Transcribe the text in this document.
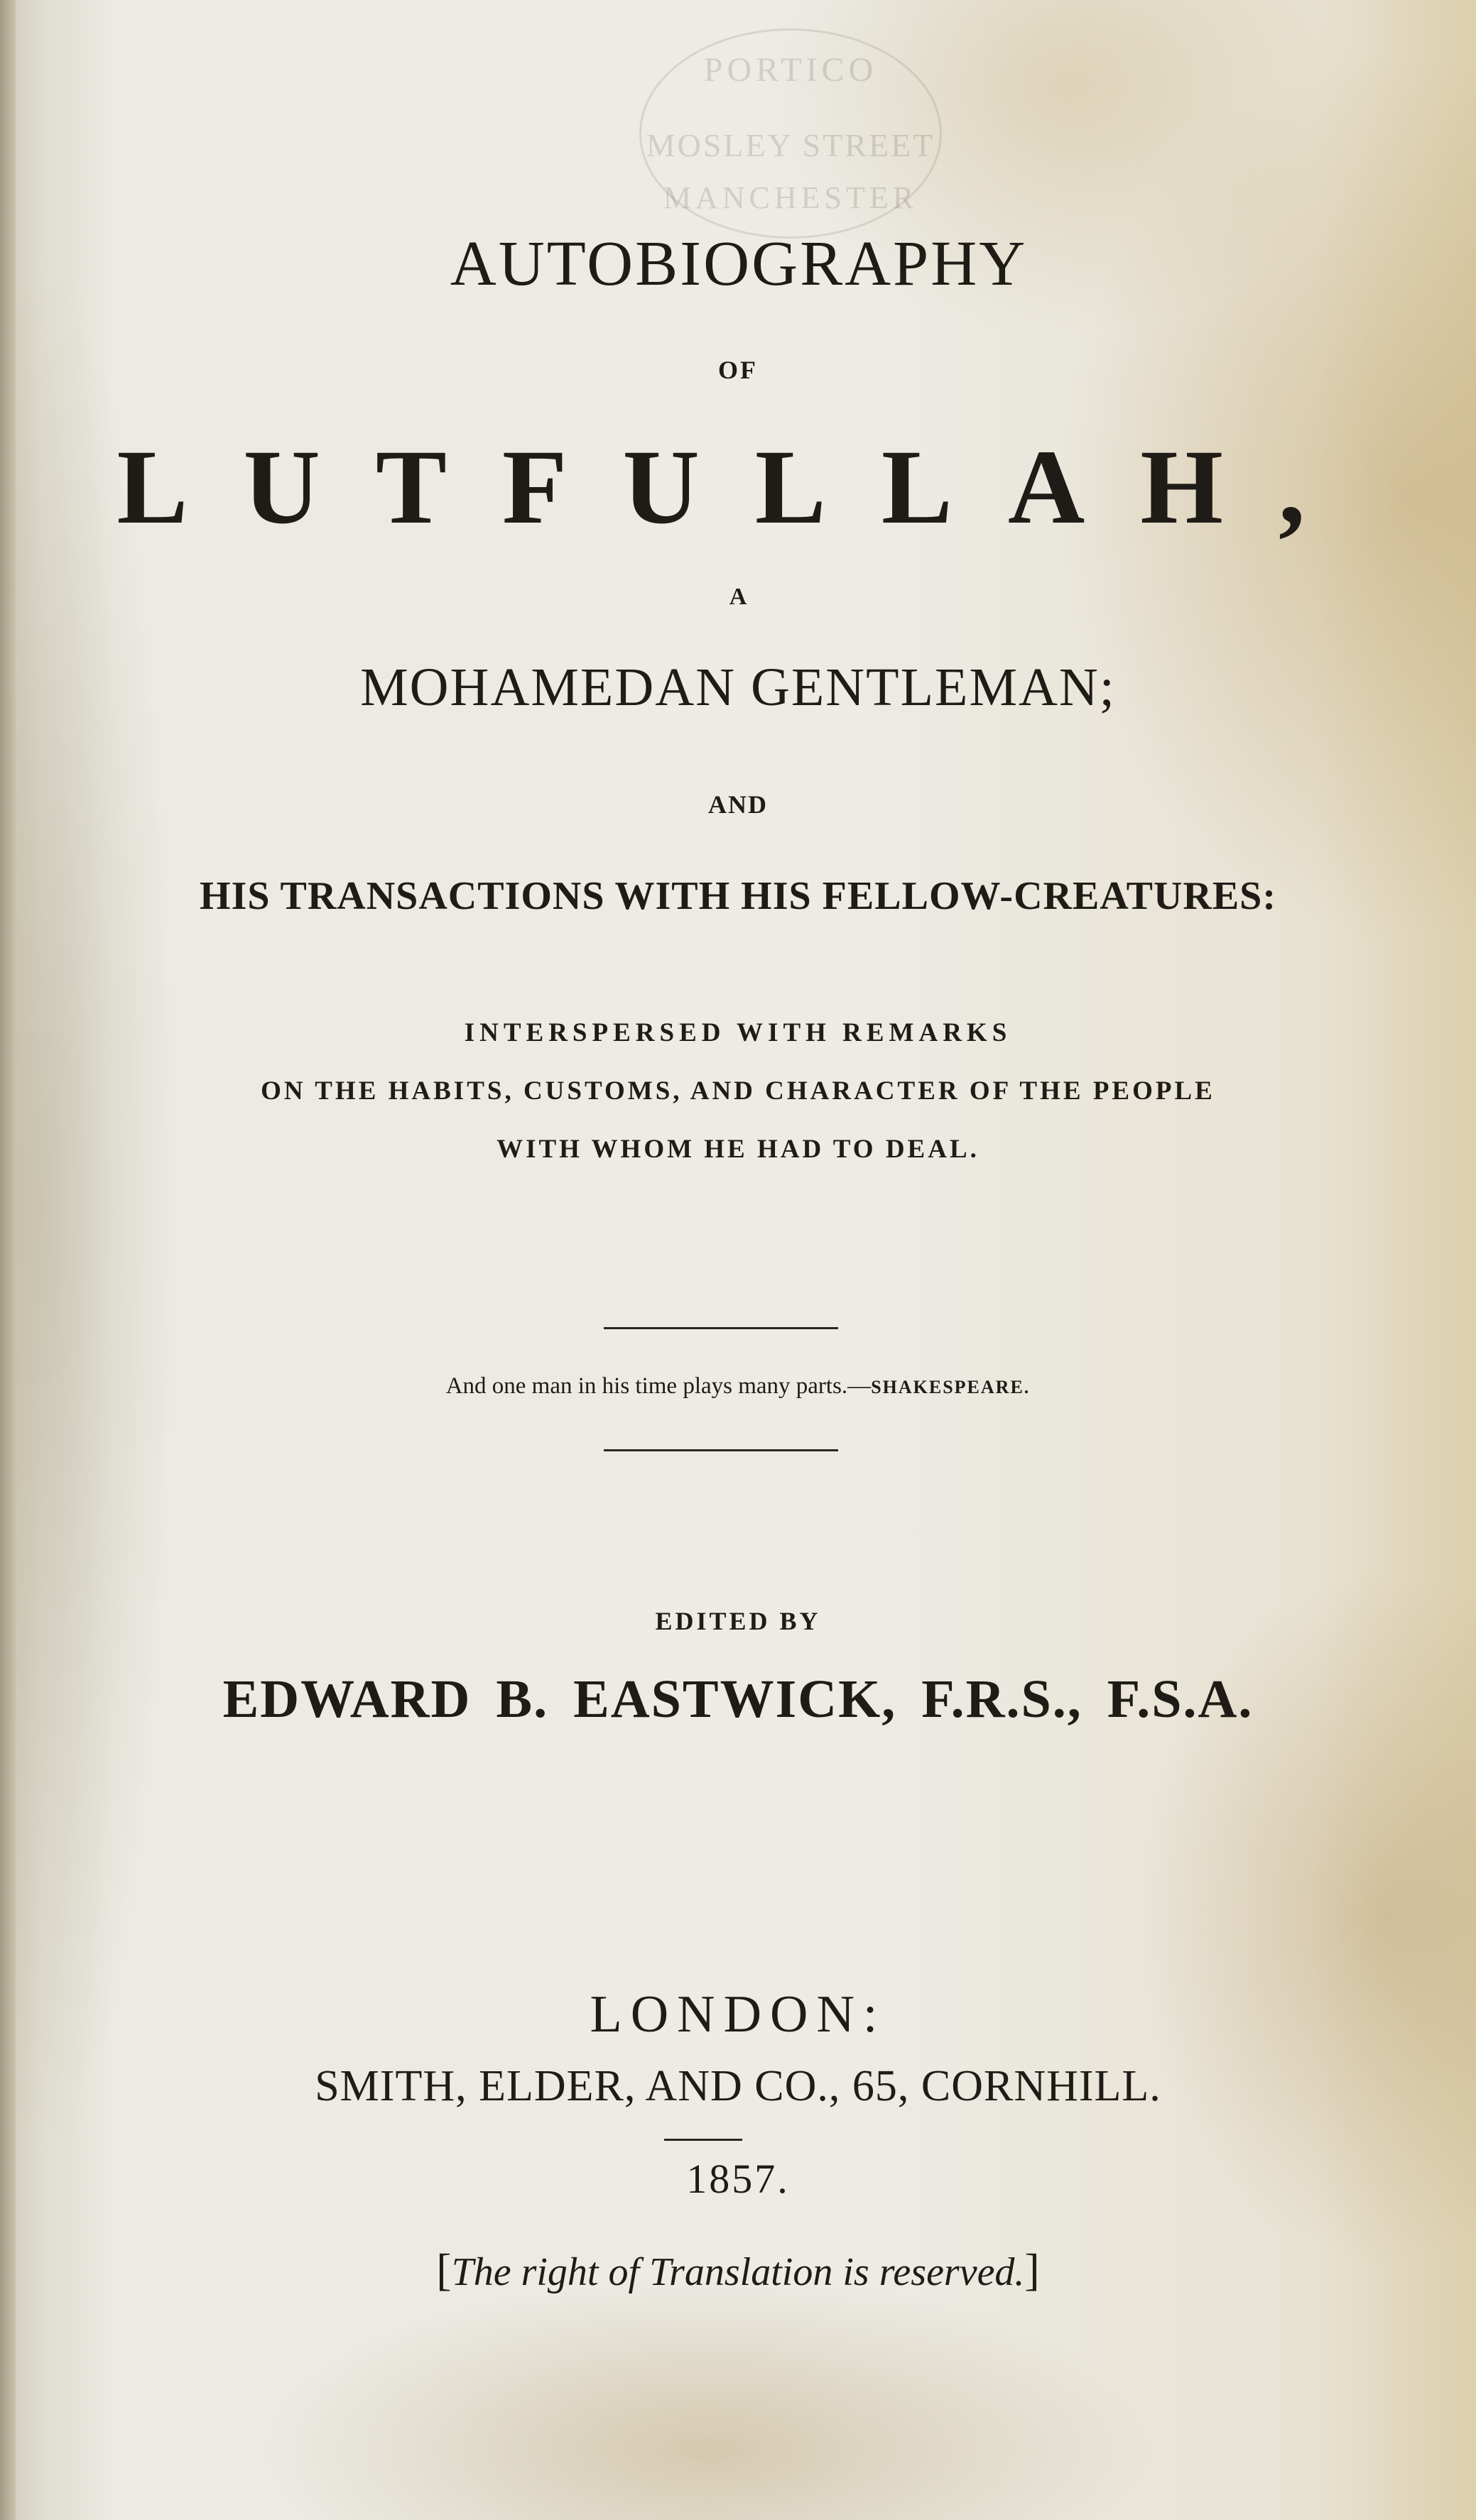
PORTICO
MOSLEY STREET
MANCHESTER
AUTOBIOGRAPHY
OF
LUTFULLAH,
A
MOHAMEDAN GENTLEMAN;
AND
HIS TRANSACTIONS WITH HIS FELLOW-CREATURES:
INTERSPERSED WITH REMARKS
ON THE HABITS, CUSTOMS, AND CHARACTER OF THE PEOPLE
WITH WHOM HE HAD TO DEAL.
And one man in his time plays many parts.—SHAKESPEARE.
EDITED BY
EDWARD B. EASTWICK, F.R.S., F.S.A.
LONDON:
SMITH, ELDER, AND CO., 65, CORNHILL.
1857.
[The right of Translation is reserved.]
